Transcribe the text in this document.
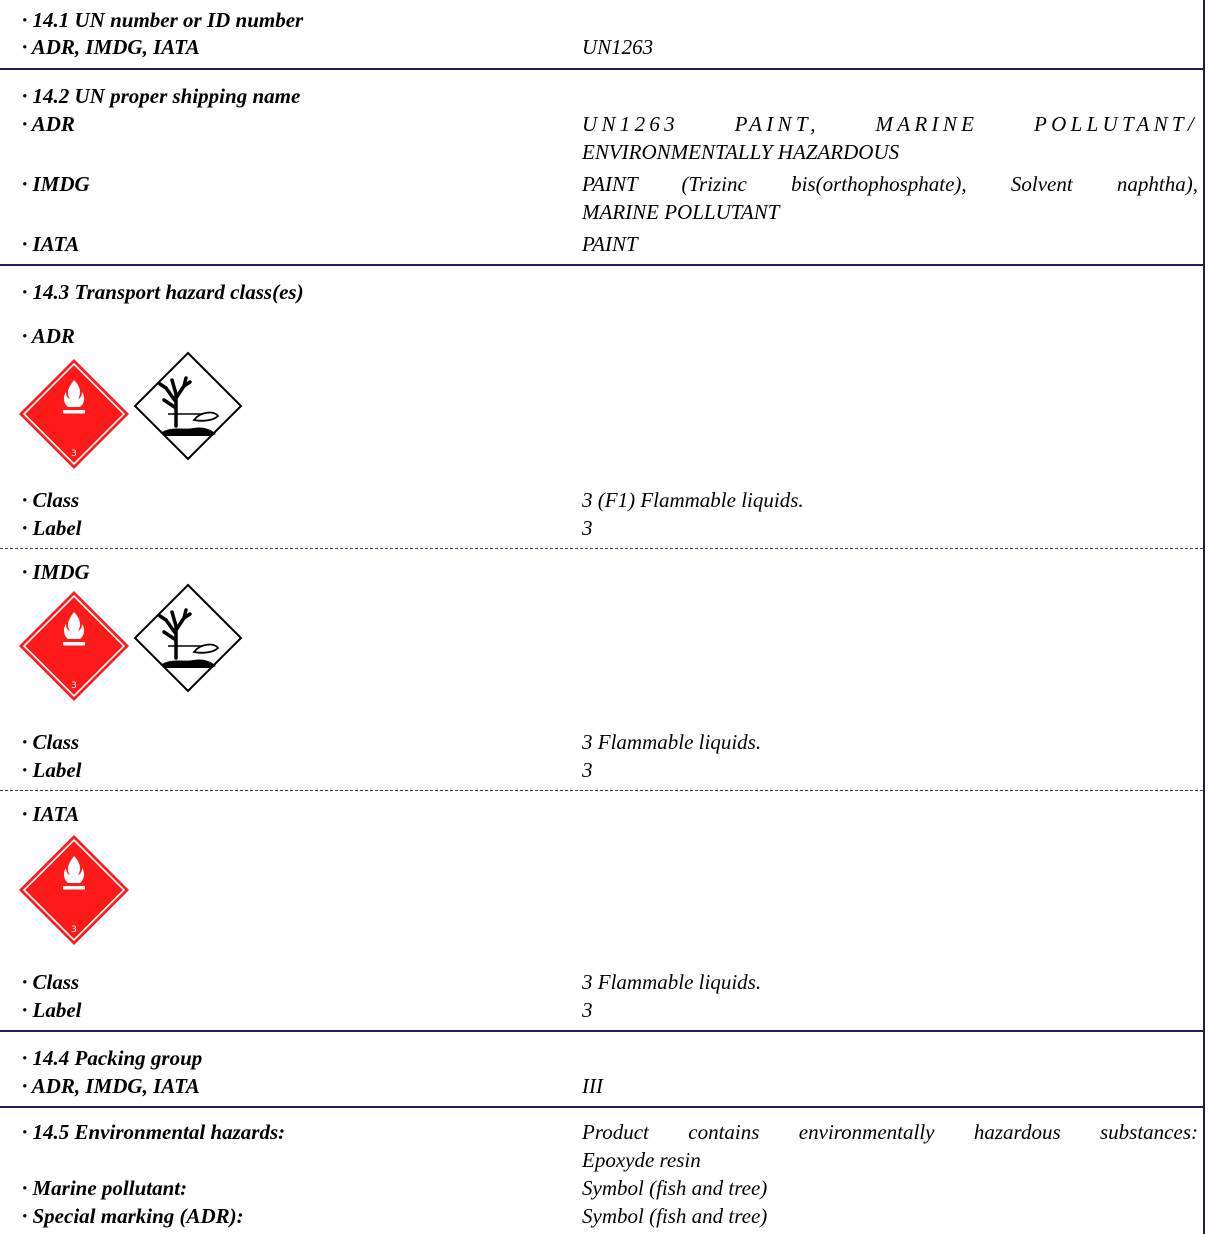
· 14.1 UN number or ID number
· ADR, IMDG, IATA	UN1263
· 14.2 UN proper shipping name
· ADR	UN1263 PAINT, MARINE POLLUTANT/
ENVIRONMENTALLY HAZARDOUS
· IMDG	PAINT (Trizinc bis(orthophosphate), Solvent naphtha),
MARINE POLLUTANT
· IATA	PAINT
· 14.3 Transport hazard class(es)
· ADR
3
· Class	3 (F1) Flammable liquids.
· Label	3
· IMDG
3
· Class	3 Flammable liquids.
· Label	3
· IATA
3
· Class	3 Flammable liquids.
· Label	3
· 14.4 Packing group
· ADR, IMDG, IATA	III
· 14.5 Environmental hazards:	Product contains environmentally hazardous substances:
Epoxyde resin
· Marine pollutant:	Symbol (fish and tree)
· Special marking (ADR):	Symbol (fish and tree)
